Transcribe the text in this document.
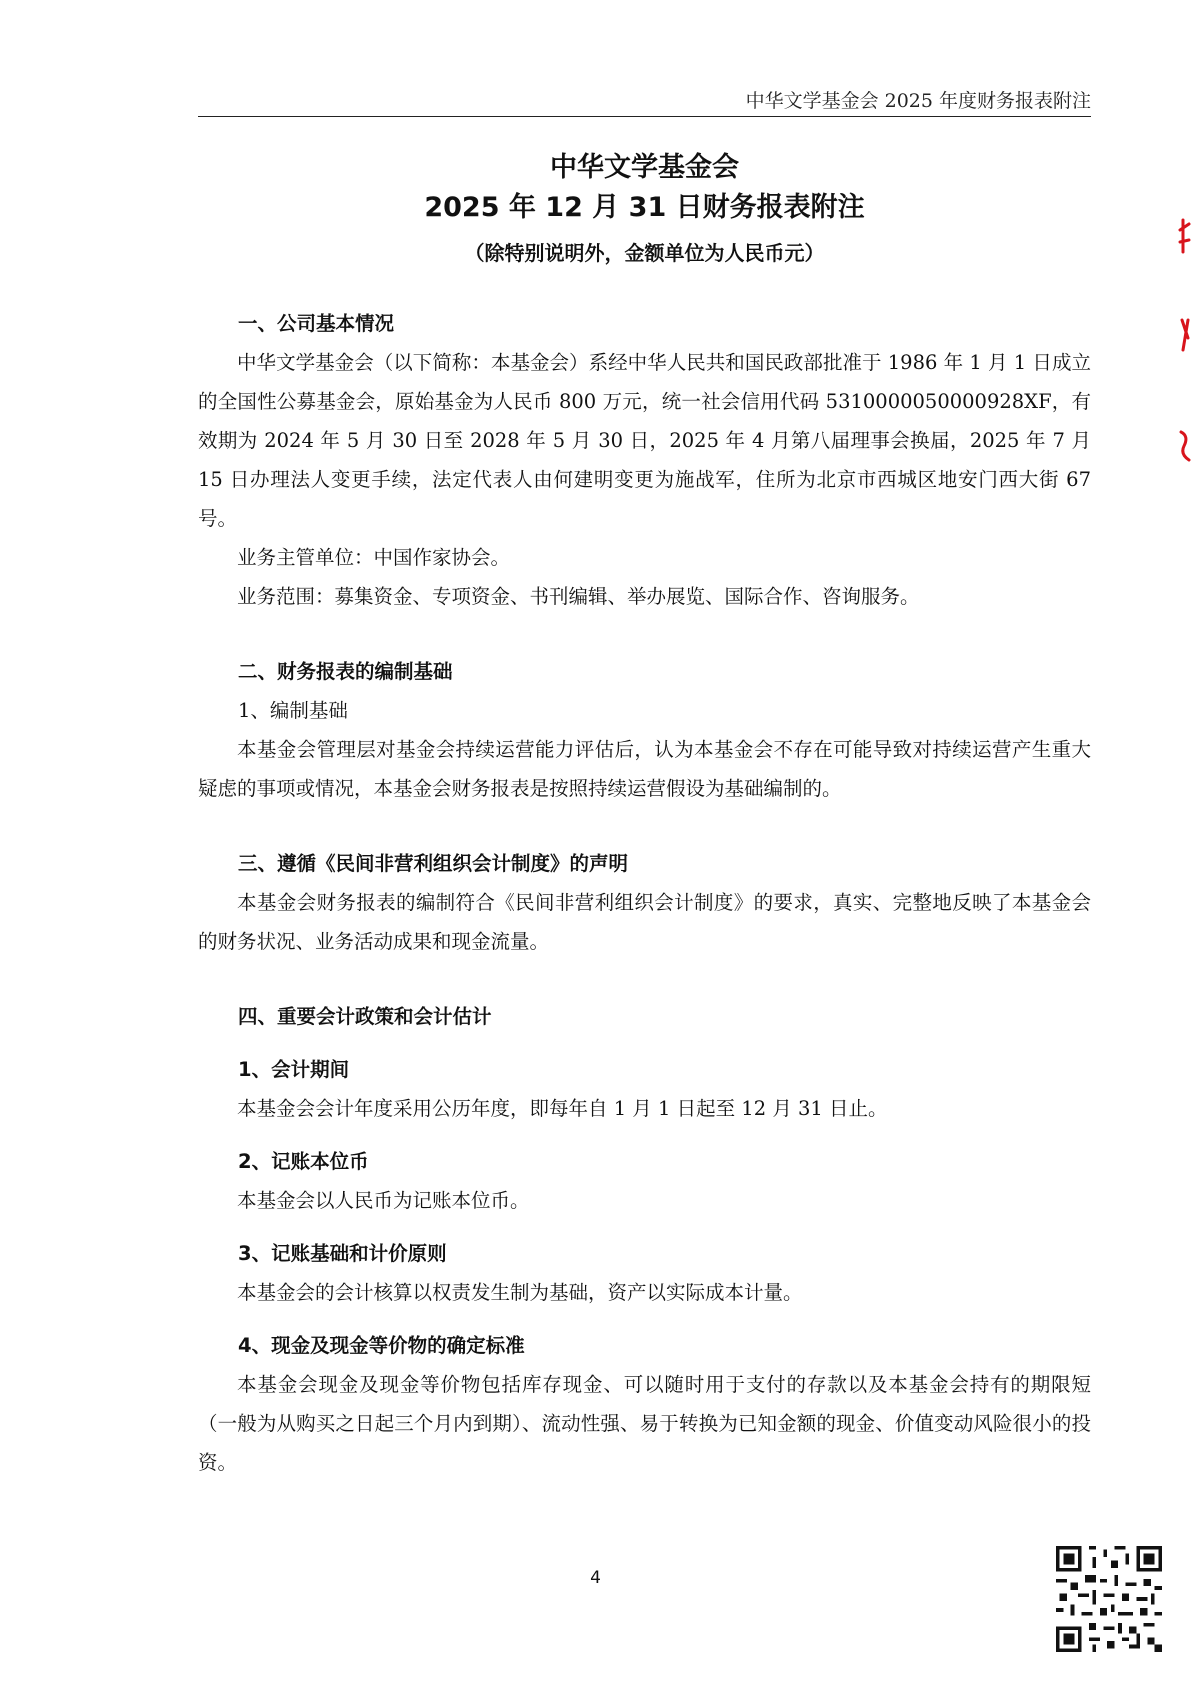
中华文学基金会 2025 年度财务报表附注
中华文学基金会
2025 年 12 月 31 日财务报表附注
（除特别说明外，金额单位为人民币元）
一、公司基本情况

中华文学基金会（以下简称：本基金会）系经中华人民共和国民政部批准于 1986 年 1 月 1 日成立的全国性公募基金会，原始基金为人民币 800 万元，统一社会信用代码 5310000050000928XF，有效期为 2024 年 5 月 30 日至 2028 年 5 月 30 日，2025 年 4 月第八届理事会换届，2025 年 7 月 15 日办理法人变更手续，法定代表人由何建明变更为施战军，住所为北京市西城区地安门西大街 67 号。

业务主管单位：中国作家协会。

业务范围：募集资金、专项资金、书刊编辑、举办展览、国际合作、咨询服务。

二、财务报表的编制基础
1、编制基础

本基金会管理层对基金会持续运营能力评估后，认为本基金会不存在可能导致对持续运营产生重大疑虑的事项或情况，本基金会财务报表是按照持续运营假设为基础编制的。

三、遵循《民间非营利组织会计制度》的声明

本基金会财务报表的编制符合《民间非营利组织会计制度》的要求，真实、完整地反映了本基金会的财务状况、业务活动成果和现金流量。

四、重要会计政策和会计估计
1、会计期间

本基金会会计年度采用公历年度，即每年自 1 月 1 日起至 12 月 31 日止。

2、记账本位币

本基金会以人民币为记账本位币。

3、记账基础和计价原则

本基金会的会计核算以权责发生制为基础，资产以实际成本计量。

4、现金及现金等价物的确定标准

本基金会现金及现金等价物包括库存现金、可以随时用于支付的存款以及本基金会持有的期限短（一般为从购买之日起三个月内到期）、流动性强、易于转换为已知金额的现金、价值变动风险很小的投资。

4
